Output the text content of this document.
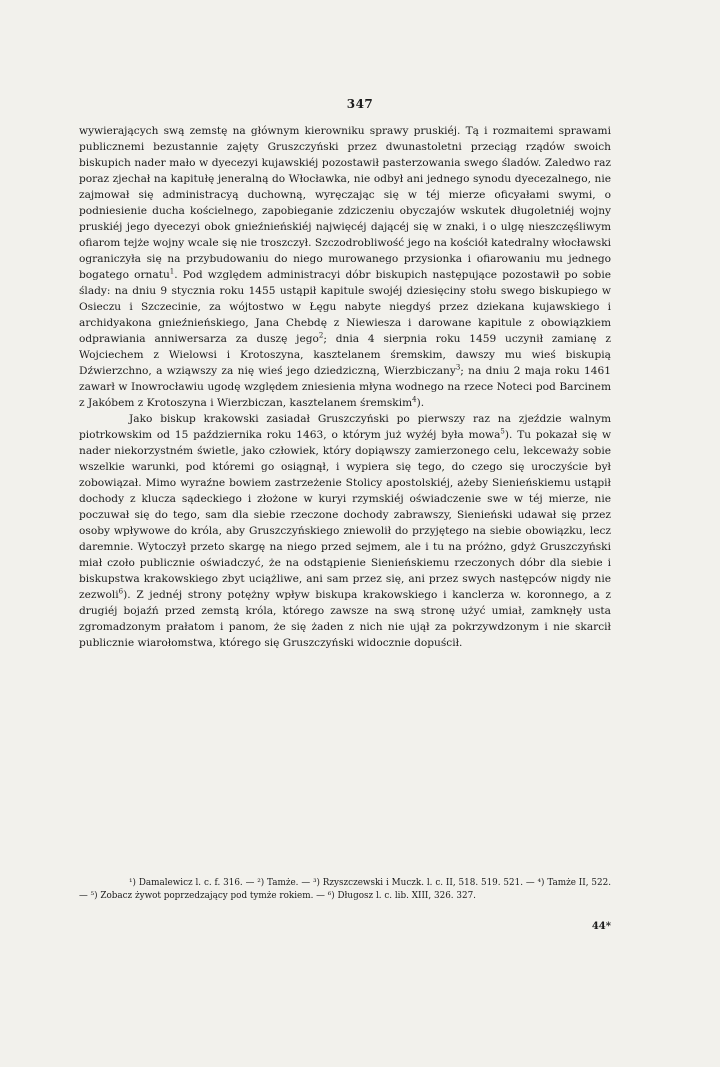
347

wywierających swą zemstę na głównym kierowniku sprawy pruskiéj. Tą i rozmaitemi sprawami publicznemi bezustannie zajęty Gruszczyński przez dwunastoletni przeciąg rządów swoich biskupich nader mało w dyecezyi kujawskiéj pozostawił pasterzowania swego śladów. Zaledwo raz poraz zjechał na kapitułę jeneralną do Włocławka, nie odbył ani jednego synodu dyecezalnego, nie zajmował się administracyą duchowną, wyręczając się w téj mierze oficyałami swymi, o podniesienie ducha kościelnego, zapobieganie zdziczeniu obyczajów wskutek długoletniéj wojny pruskiéj jego dyecezyi obok gnieźnieńskiéj najwięcéj dającéj się w znaki, i o ulgę nieszczęśliwym ofiarom tejże wojny wcale się nie troszczył. Szczodrobliwość jego na kościół katedralny włocławski ograniczyła się na przybudowaniu do niego murowanego przysionka i ofiarowaniu mu jednego bogatego ornatu$^1$. Pod względem administracyi dóbr biskupich następujące pozostawił po sobie ślady: na dniu 9 stycznia roku 1455 ustąpił kapitule swojéj dziesięciny stołu swego biskupiego w Osieczu i Szczecinie, za wójtostwo w Łęgu nabyte niegdyś przez dziekana kujawskiego i archidyakona gnieźnieńskiego, Jana Chebdę z Niewiesza i darowane kapitule z obowiązkiem odprawiania anniwersarza za duszę jego$^2$; dnia 4 sierpnia roku 1459 uczynił zamianę z Wojciechem z Wielowsi i Krotoszyna, kasztelanem śremskim, dawszy mu wieś biskupią Dźwierzchno, a wziąwszy za nię wieś jego dziedziczną, Wierzbiczany$^3$; na dniu 2 maja roku 1461 zawarł w Inowrocławiu ugodę względem zniesienia młyna wodnego na rzece Noteci pod Barcinem z Jakóbem z Krotoszyna i Wierzbiczan, kasztelanem śremskim$^4$).

Jako biskup krakowski zasiadał Gruszczyński po pierwszy raz na zjeździe walnym piotrkowskim od 15 października roku 1463, o którym już wyżéj była mowa$^5$). Tu pokazał się w nader niekorzystném świetle, jako człowiek, który dopiąwszy zamierzonego celu, lekceważy sobie wszelkie warunki, pod któremi go osiągnął, i wypiera się tego, do czego się uroczyście był zobowiązał. Mimo wyraźne bowiem zastrzeżenie Stolicy apostolskiéj, ażeby Sienieńskiemu ustąpił dochody z klucza sądeckiego i złożone w kuryi rzymskiéj oświadczenie swe w téj mierze, nie poczuwał się do tego, sam dla siebie rzeczone dochody zabrawszy, Sienieński udawał się przez osoby wpływowe do króla, aby Gruszczyńskiego zniewolił do przyjętego na siebie obowiązku, lecz daremnie. Wytoczył przeto skargę na niego przed sejmem, ale i tu na próżno, gdyż Gruszczyński miał czoło publicznie oświadczyć, że na odstąpienie Sienieńskiemu rzeczonych dóbr dla siebie i biskupstwa krakowskiego zbyt uciążliwe, ani sam przez się, ani przez swych następców nigdy nie zezwoli$^6$). Z jednéj strony potężny wpływ biskupa krakowskiego i kanclerza w. koronnego, a z drugiéj bojaźń przed zemstą króla, którego zawsze na swą stronę użyć umiał, zamknęły usta zgromadzonym prałatom i panom, że się żaden z nich nie ujął za pokrzywdzonym i nie skarcił publicznie wiarołomstwa, którego się Gruszczyński widocznie dopuścił.

¹) Damalewicz l. c. f. 316. — ²) Tamże. — ³) Rzyszczewski i Muczk. l. c. II, 518. 519. 521. — ⁴) Tamże II, 522. — ⁵) Zobacz żywot poprzedzający pod tymże rokiem. — ⁶) Długosz l. c. lib. XIII, 326. 327.

44*
